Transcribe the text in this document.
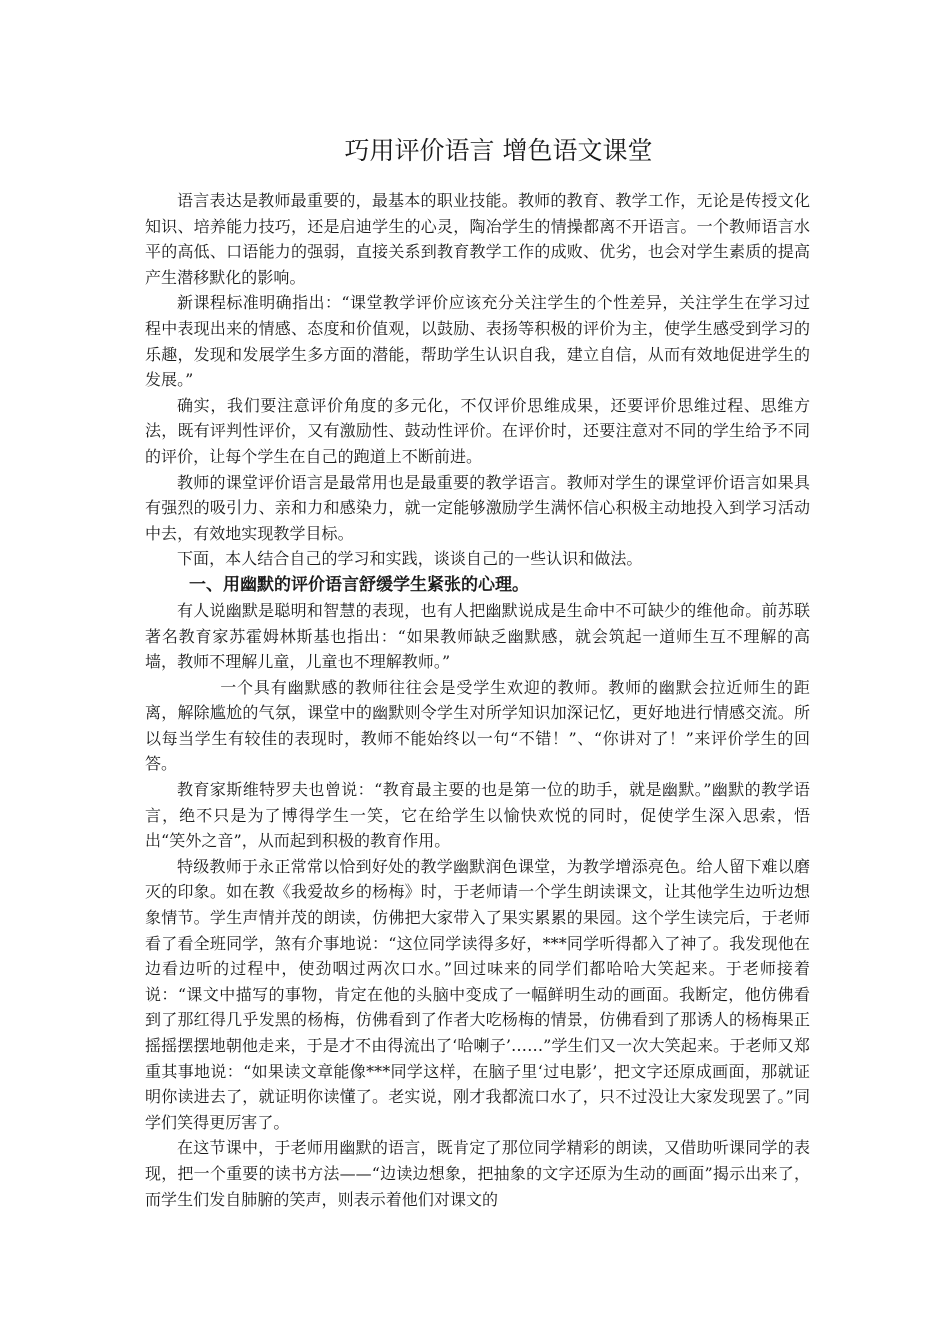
巧用评价语言 增色语文课堂

语言表达是教师最重要的，最基本的职业技能。教师的教育、教学工作，无论是传授文化知识、培养能力技巧，还是启迪学生的心灵，陶冶学生的情操都离不开语言。一个教师语言水平的高低、口语能力的强弱，直接关系到教育教学工作的成败、优劣，也会对学生素质的提高产生潜移默化的影响。

新课程标准明确指出：“课堂教学评价应该充分关注学生的个性差异，关注学生在学习过程中表现出来的情感、态度和价值观，以鼓励、表扬等积极的评价为主，使学生感受到学习的乐趣，发现和发展学生多方面的潜能，帮助学生认识自我，建立自信，从而有效地促进学生的发展。”

确实，我们要注意评价角度的多元化，不仅评价思维成果，还要评价思维过程、思维方法，既有评判性评价，又有激励性、鼓动性评价。在评价时，还要注意对不同的学生给予不同的评价，让每个学生在自己的跑道上不断前进。

教师的课堂评价语言是最常用也是最重要的教学语言。教师对学生的课堂评价语言如果具有强烈的吸引力、亲和力和感染力，就一定能够激励学生满怀信心积极主动地投入到学习活动中去，有效地实现教学目标。

下面，本人结合自己的学习和实践，谈谈自己的一些认识和做法。

一、用幽默的评价语言舒缓学生紧张的心理。

有人说幽默是聪明和智慧的表现，也有人把幽默说成是生命中不可缺少的维他命。前苏联著名教育家苏霍姆林斯基也指出：“如果教师缺乏幽默感，就会筑起一道师生互不理解的高墙，教师不理解儿童，儿童也不理解教师。”

一个具有幽默感的教师往往会是受学生欢迎的教师。教师的幽默会拉近师生的距离，解除尴尬的气氛，课堂中的幽默则令学生对所学知识加深记忆，更好地进行情感交流。所以每当学生有较佳的表现时，教师不能始终以一句“不错！”、“你讲对了！”来评价学生的回答。

教育家斯维特罗夫也曾说：“教育最主要的也是第一位的助手，就是幽默。”幽默的教学语言，绝不只是为了博得学生一笑，它在给学生以愉快欢悦的同时，促使学生深入思索，悟出“笑外之音”，从而起到积极的教育作用。

特级教师于永正常常以恰到好处的教学幽默润色课堂，为教学增添亮色。给人留下难以磨灭的印象。如在教《我爱故乡的杨梅》时，于老师请一个学生朗读课文，让其他学生边听边想象情节。学生声情并茂的朗读，仿佛把大家带入了果实累累的果园。这个学生读完后，于老师看了看全班同学，煞有介事地说：“这位同学读得多好，***同学听得都入了神了。我发现他在边看边听的过程中，使劲咽过两次口水。”回过味来的同学们都哈哈大笑起来。于老师接着说：“课文中描写的事物，肯定在他的头脑中变成了一幅鲜明生动的画面。我断定，他仿佛看到了那红得几乎发黑的杨梅，仿佛看到了作者大吃杨梅的情景，仿佛看到了那诱人的杨梅果正摇摇摆摆地朝他走来，于是才不由得流出了‘哈喇子’……”学生们又一次大笑起来。于老师又郑重其事地说：“如果读文章能像***同学这样，在脑子里‘过电影’，把文字还原成画面，那就证明你读进去了，就证明你读懂了。老实说，刚才我都流口水了，只不过没让大家发现罢了。”同学们笑得更厉害了。

在这节课中，于老师用幽默的语言，既肯定了那位同学精彩的朗读，又借助听课同学的表现，把一个重要的读书方法——“边读边想象，把抽象的文字还原为生动的画面”揭示出来了，而学生们发自肺腑的笑声，则表示着他们对课文的
